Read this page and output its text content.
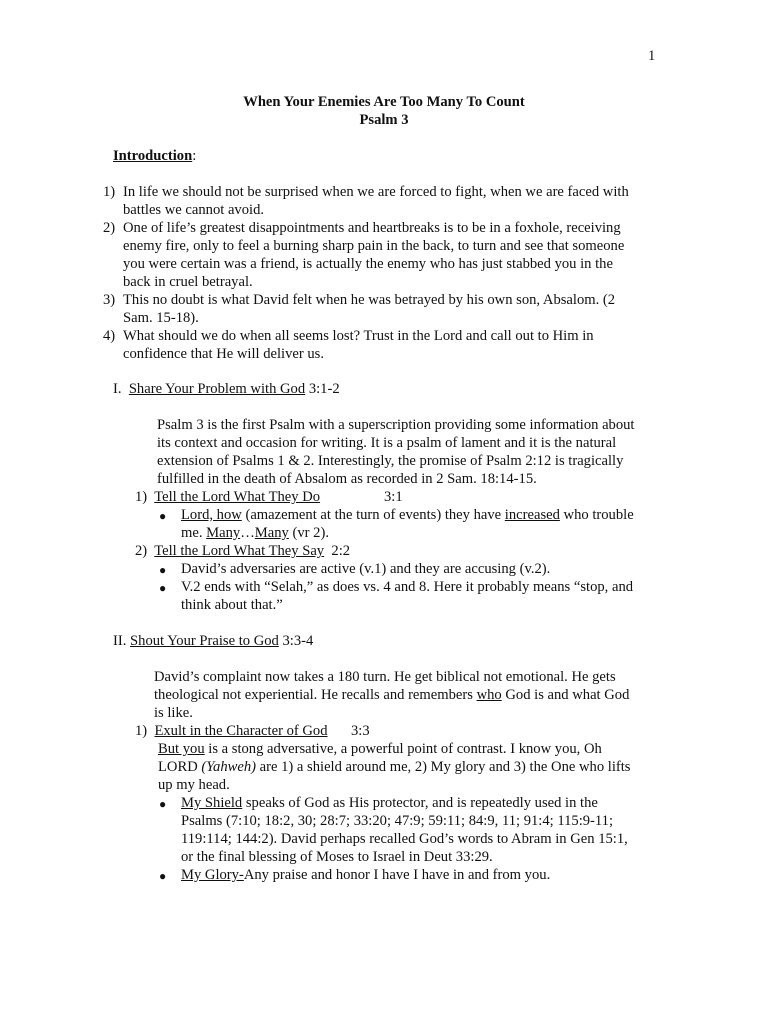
1

When Your Enemies Are Too Many To Count

Psalm 3

Introduction:

1) In life we should not be surprised when we are forced to fight, when we are faced with

battles we cannot avoid.

2) One of life’s greatest disappointments and heartbreaks is to be in a foxhole, receiving

enemy fire, only to feel a burning sharp pain in the back, to turn and see that someone

you were certain was a friend, is actually the enemy who has just stabbed you in the

back in cruel betrayal.

3) This no doubt is what David felt when he was betrayed by his own son, Absalom. (2

Sam. 15-18).

4) What should we do when all seems lost? Trust in the Lord and call out to Him in

confidence that He will deliver us.

I. Share Your Problem with God 3:1-2

Psalm 3 is the first Psalm with a superscription providing some information about

its context and occasion for writing. It is a psalm of lament and it is the natural

extension of Psalms 1 & 2. Interestingly, the promise of Psalm 2:12 is tragically

fulfilled in the death of Absalom as recorded in 2 Sam. 18:14-15.

1) Tell the Lord What They Do	3:1

● Lord, how (amazement at the turn of events) they have increased who trouble

me. Many…Many (vr 2).

2) Tell the Lord What They Say 2:2

● David’s adversaries are active (v.1) and they are accusing (v.2).

● V.2 ends with “Selah,” as does vs. 4 and 8. Here it probably means “stop, and

think about that.”

II. Shout Your Praise to God 3:3-4

David’s complaint now takes a 180 turn. He get biblical not emotional. He gets

theological not experiential. He recalls and remembers who God is and what God

is like.

1) Exult in the Character of God 3:3

But you is a stong adversative, a powerful point of contrast. I know you, Oh

LORD (Yahweh) are 1) a shield around me, 2) My glory and 3) the One who lifts

up my head.

● My Shield speaks of God as His protector, and is repeatedly used in the

Psalms (7:10; 18:2, 30; 28:7; 33:20; 47:9; 59:11; 84:9, 11; 91:4; 115:9-11;

119:114; 144:2). David perhaps recalled God’s words to Abram in Gen 15:1,

or the final blessing of Moses to Israel in Deut 33:29.

● My Glory-Any praise and honor I have I have in and from you.
